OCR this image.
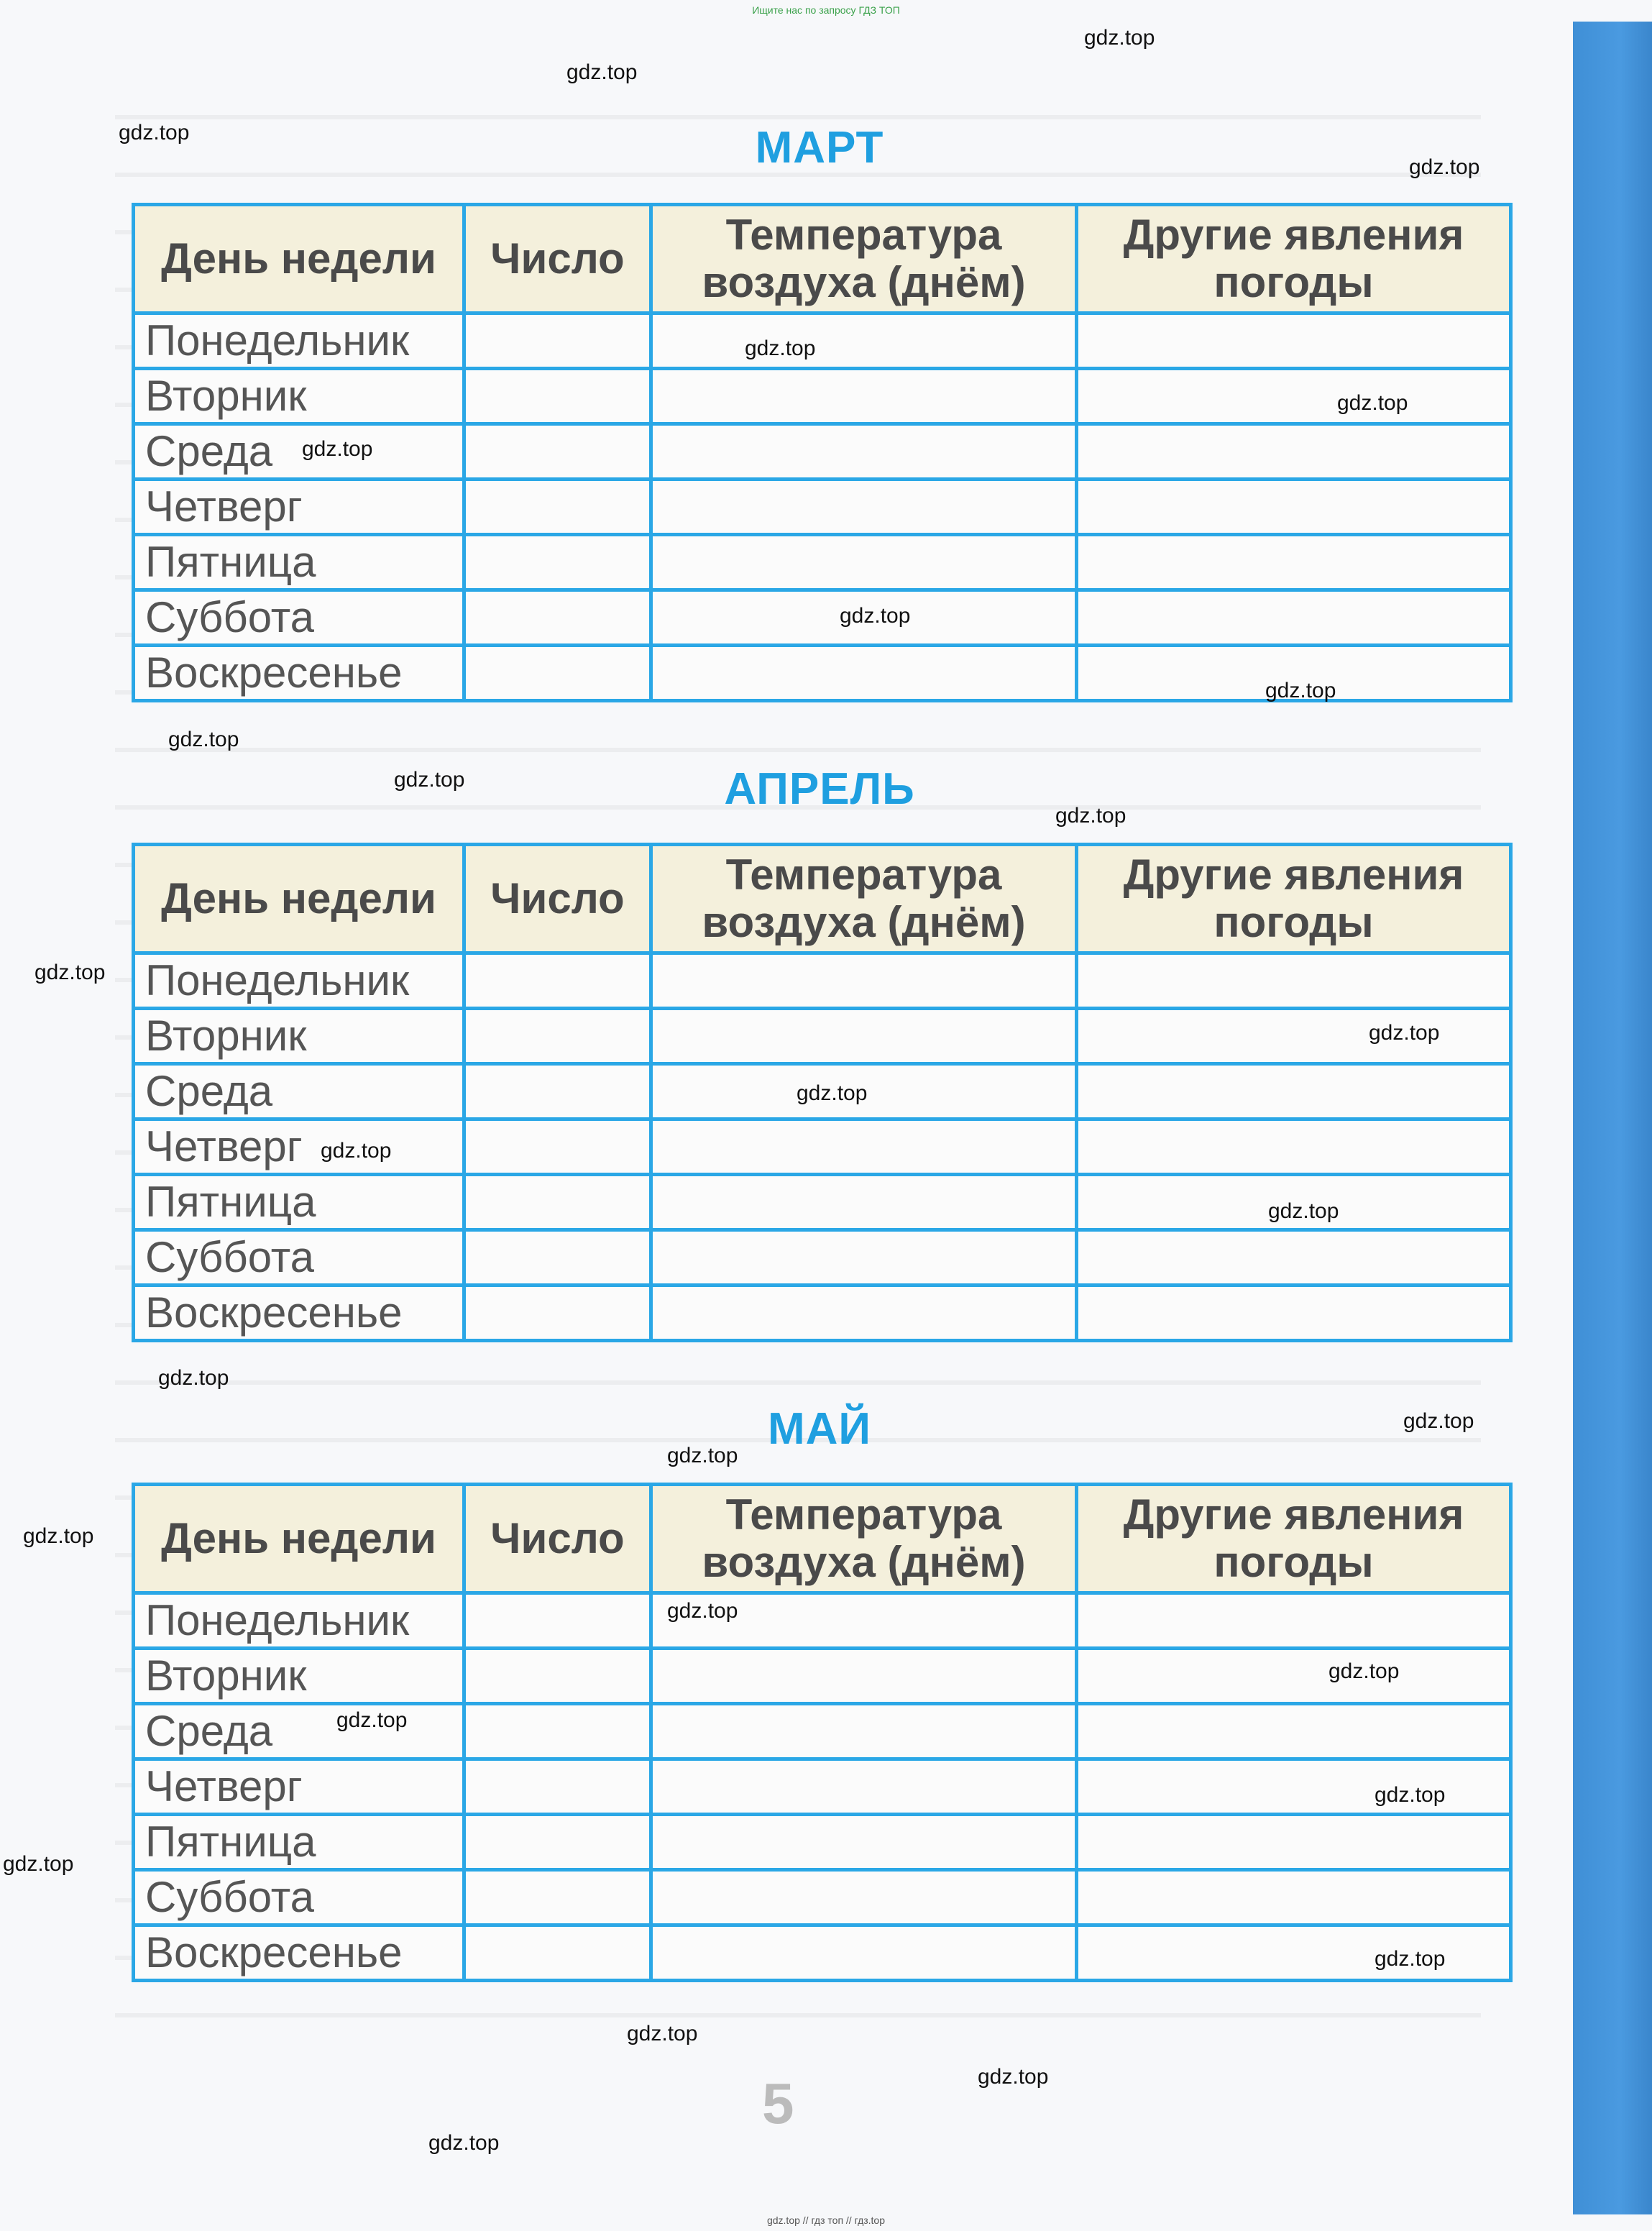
Ищите нас по запросу ГДЗ ТОП
МАРТ
День недели	Число	Температура воздуха (днём)	Другие явления погоды
Понедельник			
Вторник			
Среда			
Четверг			
Пятница			
Суббота			
Воскресенье			
АПРЕЛЬ
День недели	Число	Температура воздуха (днём)	Другие явления погоды
Понедельник			
Вторник			
Среда			
Четверг			
Пятница			
Суббота			
Воскресенье			
МАЙ
День недели	Число	Температура воздуха (днём)	Другие явления погоды
Понедельник			
Вторник			
Среда			
Четверг			
Пятница			
Суббота			
Воскресенье			
5
gdz.top
gdz.top
gdz.top
gdz.top
gdz.top
gdz.top
gdz.top
gdz.top
gdz.top
gdz.top
gdz.top
gdz.top
gdz.top
gdz.top
gdz.top
gdz.top
gdz.top
gdz.top
gdz.top
gdz.top
gdz.top
gdz.top
gdz.top
gdz.top
gdz.top
gdz.top
gdz.top
gdz.top
gdz.top
gdz.top
gdz.top // гдз топ // гдз.top
